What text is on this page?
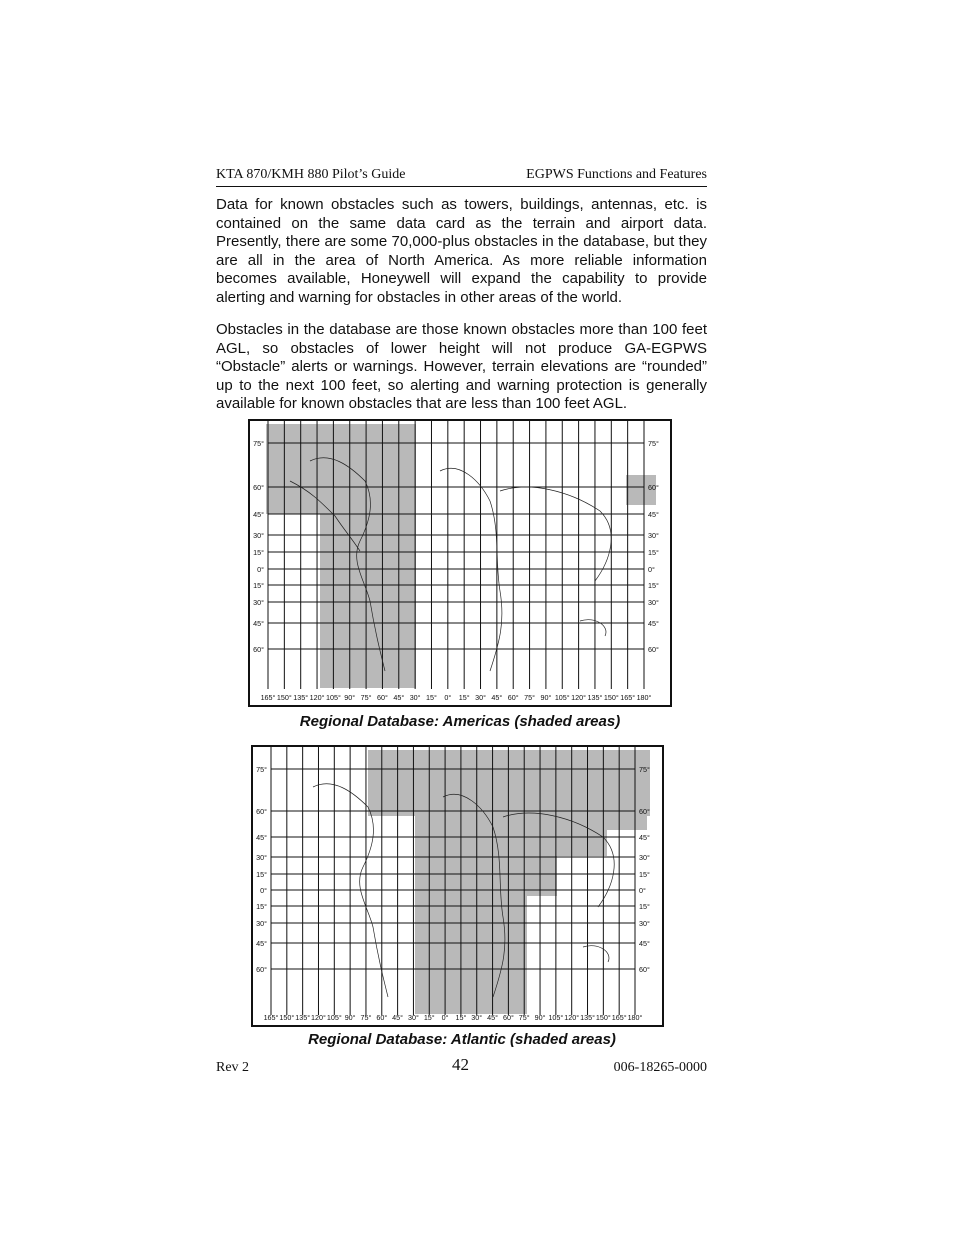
KTA 870/KMH 880 Pilot’s Guide	EGPWS Functions and Features

Data for known obstacles such as towers, buildings, antennas, etc. is contained on the same data card as the terrain and airport data. Presently, there are some 70,000-plus obstacles in the database, but they are all in the area of North America. As more reliable information becomes available, Honeywell will expand the capability to provide alerting and warning for obstacles in other areas of the world.

Obstacles in the database are those known obstacles more than 100 feet AGL, so obstacles of lower height will not produce GA-EGPWS “Obstacle” alerts or warnings. However, terrain elevations are “rounded” up to the next 100 feet, so alerting and warning protection is generally available for known obstacles that are less than 100 feet AGL.

165° 150° 135° 120° 105° 90° 75° 60° 45° 30° 15° 0° 15° 30° 45° 60° 75° 90° 105° 120° 135° 150° 165° 180°
75°	75°
60°	60°
45°	45°
30°	30°
15°	15°
0°	0°
15°	15°
30°	30°
45°	45°
60°	60°
Regional Database: Americas (shaded areas)
165° 150° 135° 120° 105° 90° 75° 60° 45° 30° 15° 0° 15° 30° 45° 60° 75° 90° 105° 120° 135° 150° 165° 180°
75°	75°
60°	60°
45°	45°
30°	30°
15°	15°
0°	0°
15°	15°
30°	30°
45°	45°
60°	60°
Regional Database: Atlantic (shaded areas)
Rev 2	42	006-18265-0000
